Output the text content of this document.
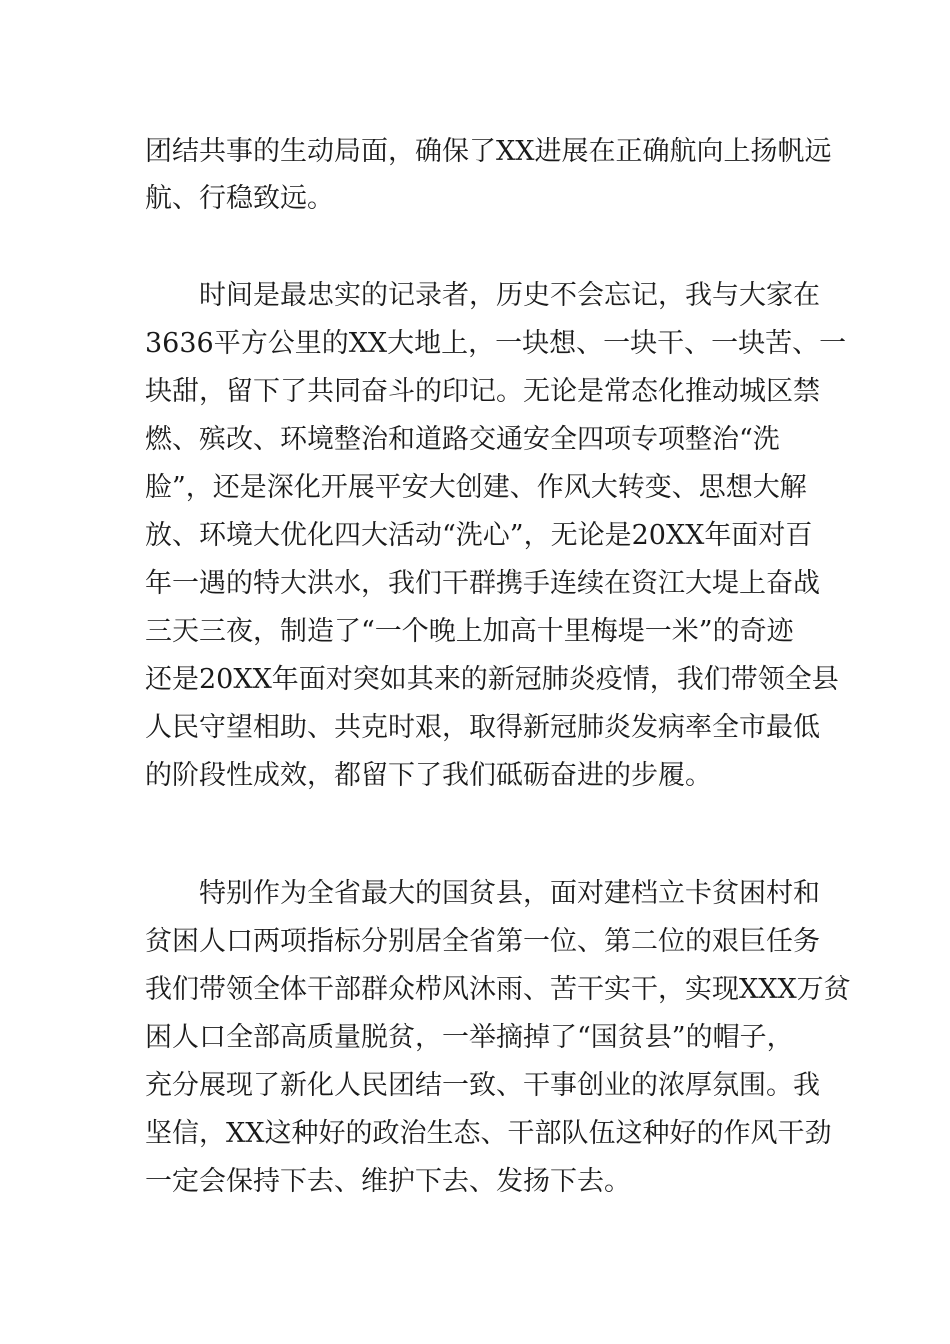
团结共事的生动局面，确保了XX进展在正确航向上扬帆远

航、行稳致远。

时间是最忠实的记录者，历史不会忘记，我与大家在

3636平方公里的XX大地上，一块想、一块干、一块苦、一

块甜，留下了共同奋斗的印记。无论是常态化推动城区禁

燃、殡改、环境整治和道路交通安全四项专项整治“洗

脸”，还是深化开展平安大创建、作风大转变、思想大解

放、环境大优化四大活动“洗心”，无论是20XX年面对百

年一遇的特大洪水，我们干群携手连续在资江大堤上奋战

三天三夜，制造了“一个晚上加高十里梅堤一米”的奇迹

还是20XX年面对突如其来的新冠肺炎疫情，我们带领全县

人民守望相助、共克时艰，取得新冠肺炎发病率全市最低

的阶段性成效，都留下了我们砥砺奋进的步履。

特别作为全省最大的国贫县，面对建档立卡贫困村和

贫困人口两项指标分别居全省第一位、第二位的艰巨任务

我们带领全体干部群众栉风沐雨、苦干实干，实现XXX万贫

困人口全部高质量脱贫，一举摘掉了“国贫县”的帽子，

充分展现了新化人民团结一致、干事创业的浓厚氛围。我

坚信，XX这种好的政治生态、干部队伍这种好的作风干劲

一定会保持下去、维护下去、发扬下去。
